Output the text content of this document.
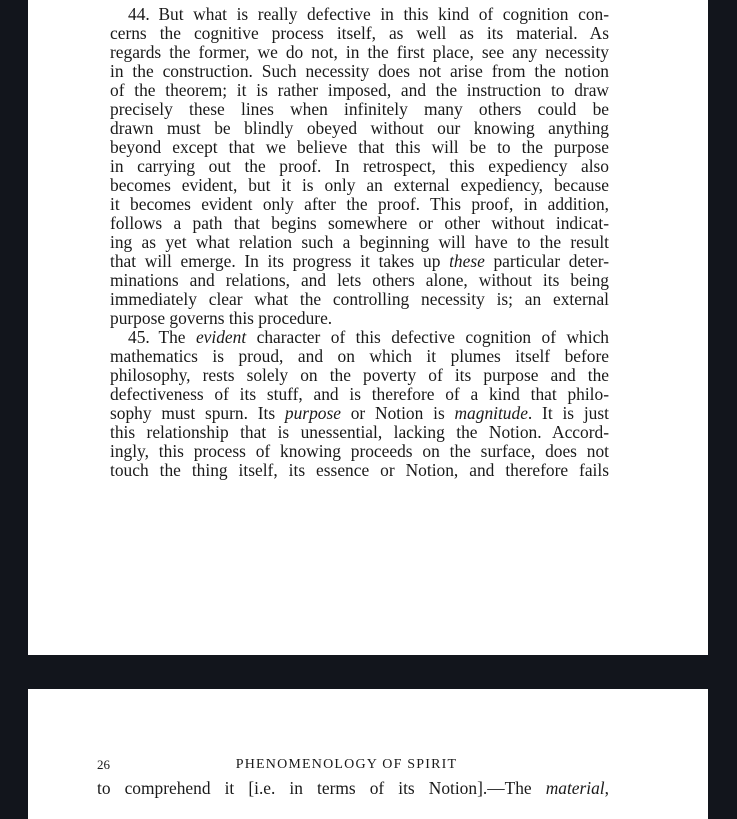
44.  But what is really defective in this kind of cognition con-
cerns the cognitive process itself, as well as its material. As
regards the former, we do not, in the first place, see any necessity
in the construction. Such necessity does not arise from the notion
of the theorem; it is rather imposed, and the instruction to draw
precisely these lines when infinitely many others could be
drawn must be blindly obeyed without our knowing anything
beyond except that we believe that this will be to the purpose
in carrying out the proof. In retrospect, this expediency also
becomes evident, but it is only an external expediency, because
it becomes evident only after the proof. This proof, in addition,
follows a path that begins somewhere or other without indicat-
ing as yet what relation such a beginning will have to the result
that will emerge. In its progress it takes up these particular deter-
minations and relations, and lets others alone, without its being
immediately clear what the controlling necessity is; an external
purpose governs this procedure.
45.  The evident character of this defective cognition of which
mathematics is proud, and on which it plumes itself before
philosophy, rests solely on the poverty of its purpose and the
defectiveness of its stuff, and is therefore of a kind that philo-
sophy must spurn. Its purpose or Notion is magnitude. It is just
this relationship that is unessential, lacking the Notion. Accord-
ingly, this process of knowing proceeds on the surface, does not
touch the thing itself, its essence or Notion, and therefore fails
26	PHENOMENOLOGY OF SPIRIT
to comprehend it [i.e. in terms of its Notion].—The material,
